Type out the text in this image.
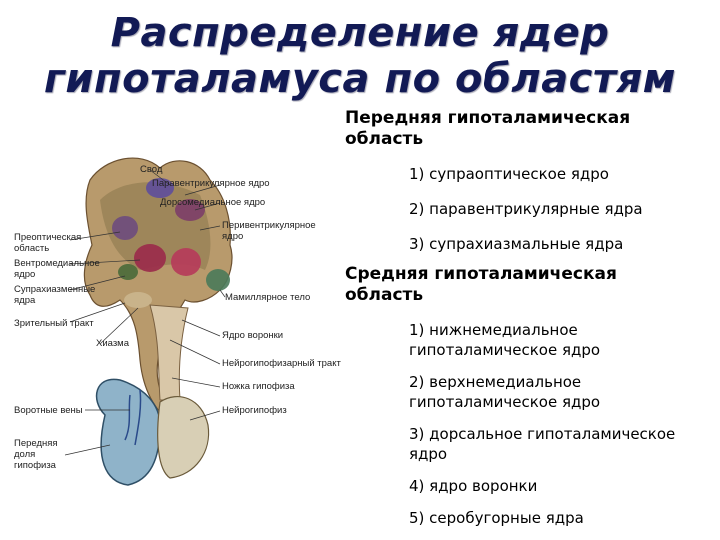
Распределение ядер
гипоталамуса по областям
Свод
Паравентрикулярное ядро
Дорсомедиальное ядро
Перивентрикулярное
ядро
Преоптическая
область
Вентромедиальное
ядро
Супрахиазменные
ядра	Мамиллярное тело
Зрительный тракт
Ядро воронки
Хиазма
Нейрогипофизарный тракт
Ножка гипофиза
Воротные вены	Нейрогипофиз
Передняя
доля
гипофиза

Передняя гипоталамическая
область

1) супраоптическое ядро

2) паравентрикулярные ядра

3) супрахиазмальные ядра

Средняя гипоталамическая
область

1) нижнемедиальное
гипоталамическое ядро

2) верхнемедиальное
гипоталамическое ядро

3) дорсальное гипоталамическое
ядро

4) ядро воронки

5) серобугорные ядра
